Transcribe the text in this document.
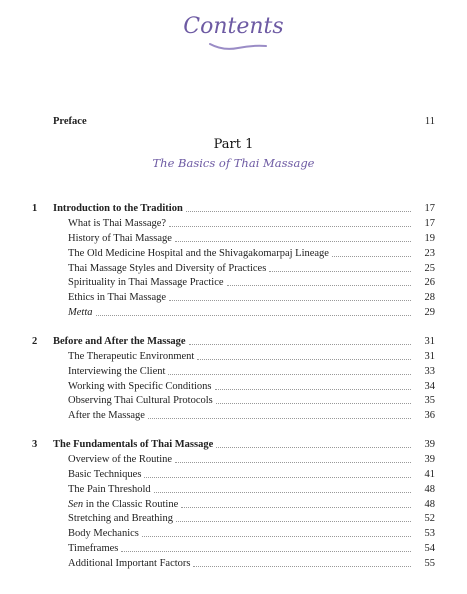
Contents
Part 1
The Basics of Thai Massage
Preface	11
1 Introduction to the Tradition	17
What is Thai Massage?	17
History of Thai Massage	19
The Old Medicine Hospital and the Shivagakomarpaj Lineage	23
Thai Massage Styles and Diversity of Practices	25
Spirituality in Thai Massage Practice	26
Ethics in Thai Massage	28
Metta	29
2 Before and After the Massage	31
The Therapeutic Environment	31
Interviewing the Client	33
Working with Specific Conditions	34
Observing Thai Cultural Protocols	35
After the Massage	36
3 The Fundamentals of Thai Massage	39
Overview of the Routine	39
Basic Techniques	41
The Pain Threshold	48
Sen in the Classic Routine	48
Stretching and Breathing	52
Body Mechanics	53
Timeframes	54
Additional Important Factors	55
